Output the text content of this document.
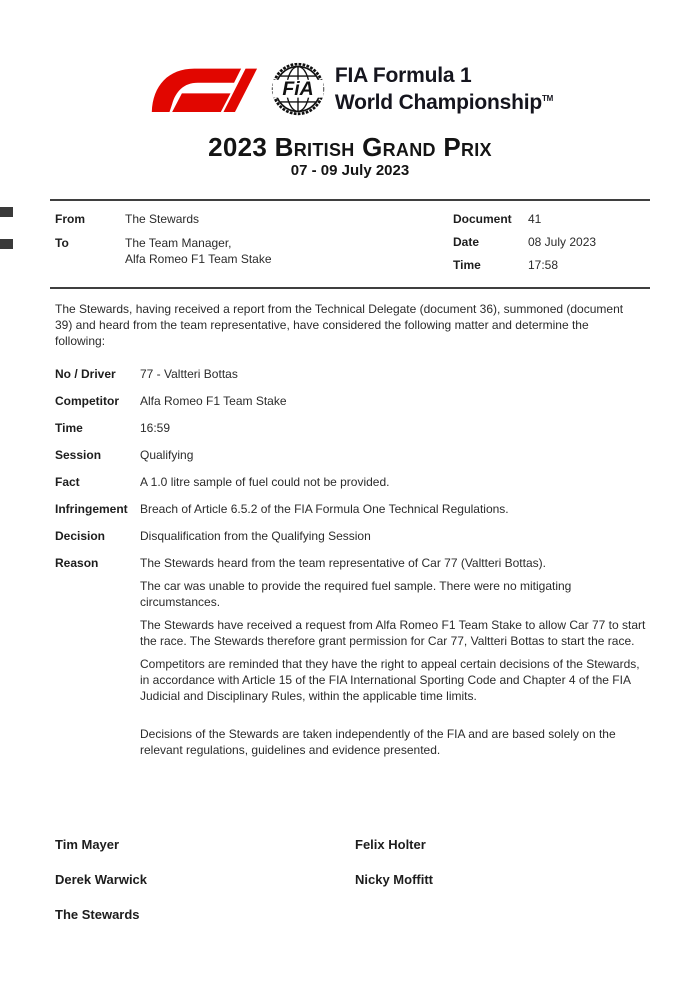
FiA
FIA Formula 1
World Championship™
2023 British Grand Prix
07 - 09 July 2023
From	The Stewards
To	The Team Manager,
Alfa Romeo F1 Team Stake
Document	41
Date	08 July 2023
Time	17:58

The Stewards, having received a report from the Technical Delegate (document 36), summoned (document 39) and heard from the team representative, have considered the following matter and determine the following:

No / Driver	77 - Valtteri Bottas
Competitor	Alfa Romeo F1 Team Stake
Time	16:59
Session	Qualifying
Fact	A 1.0 litre sample of fuel could not be provided.
Infringement	Breach of Article 6.5.2 of the FIA Formula One Technical Regulations.
Decision	Disqualification from the Qualifying Session
Reason	The Stewards heard from the team representative of Car 77 (Valtteri Bottas).

The car was unable to provide the required fuel sample. There were no mitigating circumstances.

The Stewards have received a request from Alfa Romeo F1 Team Stake to allow Car 77 to start the race. The Stewards therefore grant permission for Car 77, Valtteri Bottas to start the race.

Competitors are reminded that they have the right to appeal certain decisions of the Stewards, in accordance with Article 15 of the FIA International Sporting Code and Chapter 4 of the FIA Judicial and Disciplinary Rules, within the applicable time limits.

Decisions of the Stewards are taken independently of the FIA and are based solely on the relevant regulations, guidelines and evidence presented.

Tim Mayer	Felix Holter
Derek Warwick	Nicky Moffitt
The Stewards
